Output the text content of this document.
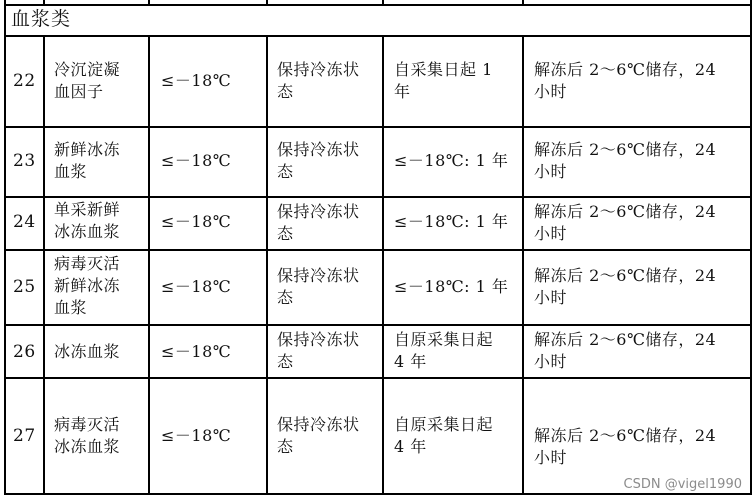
血浆类
22
冷沉淀凝
血因子
≤－18℃
保持冷冻状
态
自采集日起 1
年
解冻后 2～6℃储存，24
小时
23
新鲜冰冻
血浆
≤－18℃
保持冷冻状
态
≤－18℃: 1 年
解冻后 2～6℃储存，24
小时
24
单采新鲜
冰冻血浆
≤－18℃
保持冷冻状
态
≤－18℃: 1 年
解冻后 2～6℃储存，24
小时
25
病毒灭活
新鲜冰冻
血浆
≤－18℃
保持冷冻状
态
≤－18℃: 1 年
解冻后 2～6℃储存，24
小时
26 冰冻血浆	≤－18℃
保持冷冻状
态
自原采集日起
4 年
解冻后 2～6℃储存，24
小时
27
病毒灭活
冰冻血浆
≤－18℃
保持冷冻状
态
自原采集日起
4 年
解冻后 2～6℃储存，24
小时
CSDN @vigel1990
